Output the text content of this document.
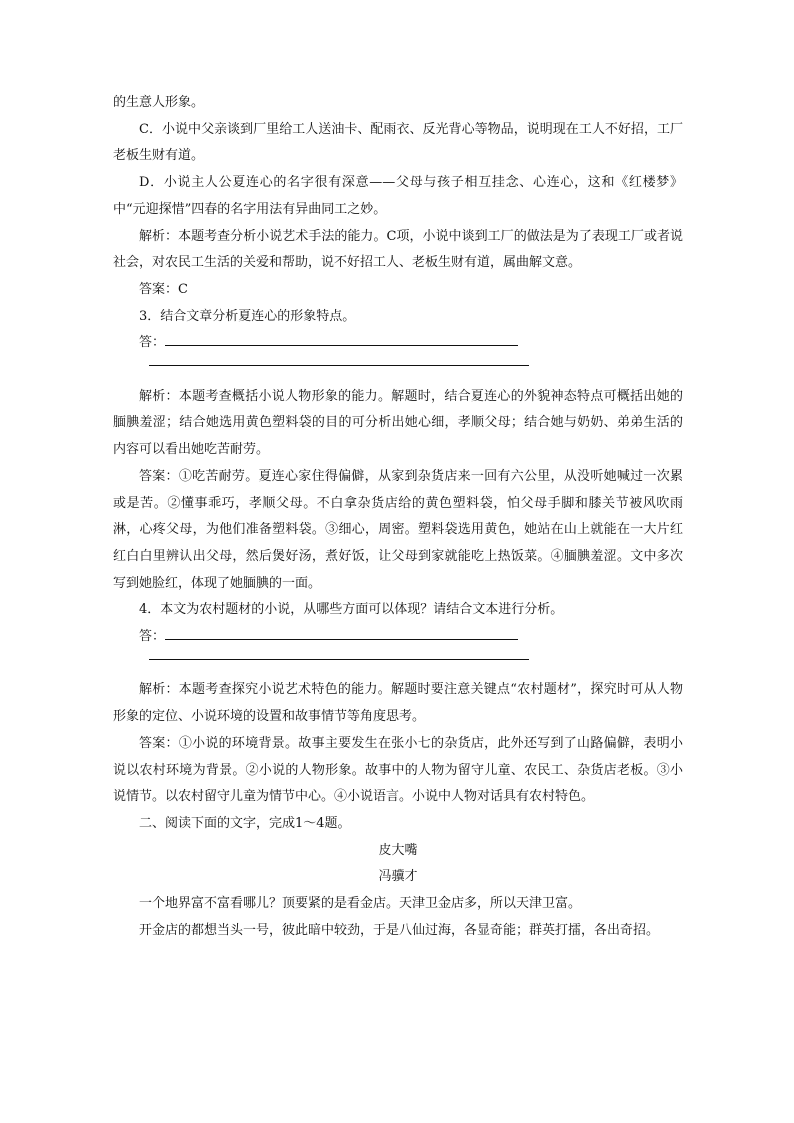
的生意人形象。

C．小说中父亲谈到厂里给工人送油卡、配雨衣、反光背心等物品，说明现在工人不好招，工厂老板生财有道。

D．小说主人公夏连心的名字很有深意——父母与孩子相互挂念、心连心，这和《红楼梦》中“元迎探惜”四春的名字用法有异曲同工之妙。

解析：本题考查分析小说艺术手法的能力。C项，小说中谈到工厂的做法是为了表现工厂或者说社会，对农民工生活的关爱和帮助，说不好招工人、老板生财有道，属曲解文意。

答案：C

3．结合文章分析夏连心的形象特点。

答：

解析：本题考查概括小说人物形象的能力。解题时，结合夏连心的外貌神态特点可概括出她的腼腆羞涩；结合她选用黄色塑料袋的目的可分析出她心细，孝顺父母；结合她与奶奶、弟弟生活的内容可以看出她吃苦耐劳。

答案：①吃苦耐劳。夏连心家住得偏僻，从家到杂货店来一回有六公里，从没听她喊过一次累或是苦。②懂事乖巧，孝顺父母。不白拿杂货店给的黄色塑料袋，怕父母手脚和膝关节被风吹雨淋，心疼父母，为他们准备塑料袋。③细心，周密。塑料袋选用黄色，她站在山上就能在一大片红红白白里辨认出父母，然后煲好汤，煮好饭，让父母到家就能吃上热饭菜。④腼腆羞涩。文中多次写到她脸红，体现了她腼腆的一面。

4．本文为农村题材的小说，从哪些方面可以体现？请结合文本进行分析。

答：

解析：本题考查探究小说艺术特色的能力。解题时要注意关键点“农村题材”，探究时可从人物形象的定位、小说环境的设置和故事情节等角度思考。

答案：①小说的环境背景。故事主要发生在张小七的杂货店，此外还写到了山路偏僻，表明小说以农村环境为背景。②小说的人物形象。故事中的人物为留守儿童、农民工、杂货店老板。③小说情节。以农村留守儿童为情节中心。④小说语言。小说中人物对话具有农村特色。

二、阅读下面的文字，完成1～4题。

皮大嘴

冯骥才

一个地界富不富看哪儿？顶要紧的是看金店。天津卫金店多，所以天津卫富。

开金店的都想当头一号，彼此暗中较劲，于是八仙过海，各显奇能；群英打擂，各出奇招。
